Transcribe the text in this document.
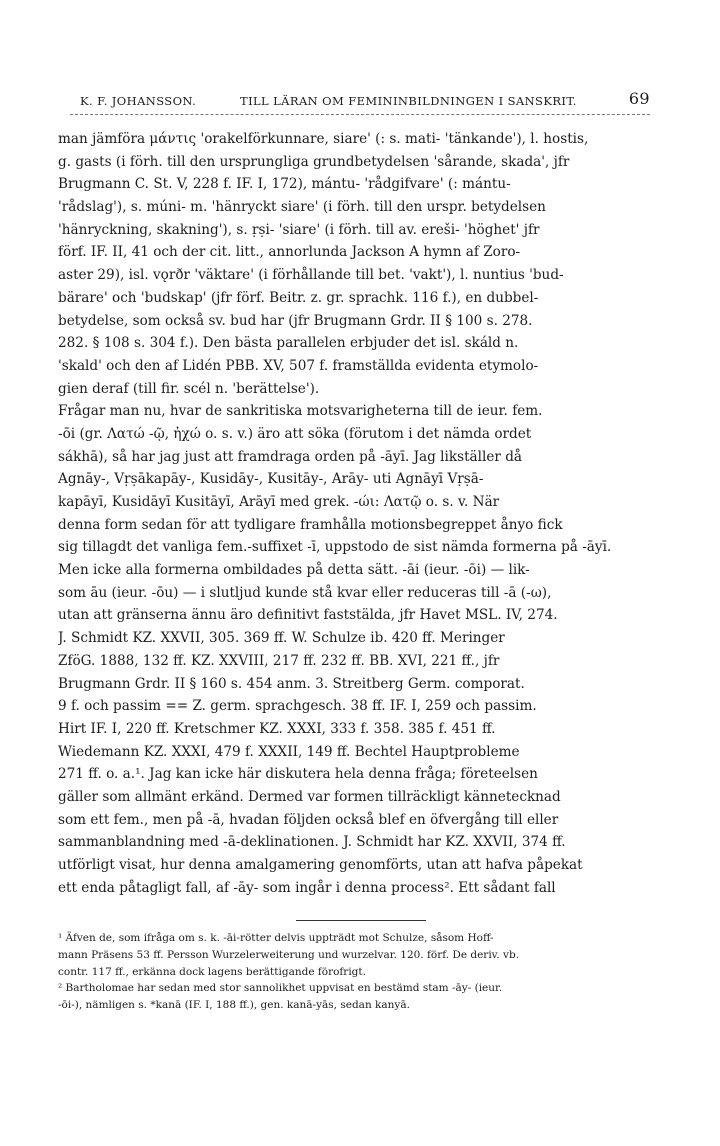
K. F. JOHANSSON.	TILL LÄRAN OM FEMININBILDNINGEN I SANSKRIT.	69
man jämföra μάντις 'orakelförkunnare, siare' (: s. mati- 'tänkande'), l. hostis,
g. gasts (i förh. till den ursprungliga grundbetydelsen 'sårande, skada', jfr
Brugmann C. St. V, 228 f. IF. I, 172), mántu- 'rådgifvare' (: mántu-
'rådslag'), s. múni- m. 'hänryckt siare' (i förh. till den urspr. betydelsen
'hänryckning, skakning'), s. ṛṣi- 'siare' (i förh. till av. ereši- 'höghet' jfr
förf. IF. II, 41 och der cit. litt., annorlunda Jackson A hymn af Zoro-
aster 29), isl. vǫrðr 'väktare' (i förhållande till bet. 'vakt'), l. nuntius 'bud-
bärare' och 'budskap' (jfr förf. Beitr. z. gr. sprachk. 116 f.), en dubbel-
betydelse, som också sv. bud har (jfr Brugmann Grdr. II § 100 s. 278.
282. § 108 s. 304 f.). Den bästa parallelen erbjuder det isl. skáld n.
'skald' och den af Lidén PBB. XV, 507 f. framställda evidenta etymolo-
gien deraf (till fir. scél n. 'berättelse').
Frågar man nu, hvar de sankritiska motsvarigheterna till de ieur. fem.
-ōi (gr. Λατώ -ῷ, ἠχώ o. s. v.) äro att söka (förutom i det nämda ordet
sákhā), så har jag just att framdraga orden på -āyī. Jag likställer då
Agnāy-, Vṛṣākapāy-, Kusidāy-, Kusitāy-, Arāy- uti Agnāyī Vṛṣā-
kapāyī, Kusidāyī Kusitāyī, Arāyī med grek. -ώι: Λατῷ o. s. v. När
denna form sedan för att tydligare framhålla motionsbegreppet ånyo fick
sig tillagdt det vanliga fem.-suffixet -ī, uppstodo de sist nämda formerna på -āyī.
Men icke alla formerna ombildades på detta sätt. -āi (ieur. -ōi) — lik-
som āu (ieur. -ōu) — i slutljud kunde stå kvar eller reduceras till -ā (-ω),
utan att gränserna ännu äro definitivt faststälda, jfr Havet MSL. IV, 274.
J. Schmidt KZ. XXVII, 305. 369 ff. W. Schulze ib. 420 ff. Meringer
ZföG. 1888, 132 ff. KZ. XXVIII, 217 ff. 232 ff. BB. XVI, 221 ff., jfr
Brugmann Grdr. II § 160 s. 454 anm. 3. Streitberg Germ. comporat.
9 f. och passim == Z. germ. sprachgesch. 38 ff. IF. I, 259 och passim.
Hirt IF. I, 220 ff. Kretschmer KZ. XXXI, 333 f. 358. 385 f. 451 ff.
Wiedemann KZ. XXXI, 479 f. XXXII, 149 ff. Bechtel Hauptprobleme
271 ff. o. a.¹. Jag kan icke här diskutera hela denna fråga; företeelsen
gäller som allmänt erkänd. Dermed var formen tillräckligt kännetecknad
som ett fem., men på -ā, hvadan följden också blef en öfvergång till eller
sammanblandning med -ā-deklinationen. J. Schmidt har KZ. XXVII, 374 ff.
utförligt visat, hur denna amalgamering genomförts, utan att hafva påpekat
ett enda påtagligt fall, af -āy- som ingår i denna process². Ett sådant fall
¹ Äfven de, som ifråga om s. k. -āi-rötter delvis uppträdt mot Schulze, såsom Hoff-
mann Präsens 53 ff. Persson Wurzelerweiterung und wurzelvar. 120. förf. De deriv. vb.
contr. 117 ff., erkänna dock lagens berättigande förofrigt.
² Bartholomae har sedan med stor sannolikhet uppvisat en bestämd stam -āy- (ieur.
-ōi-), nämligen s. *kanā (IF. I, 188 ff.), gen. kanā-yās, sedan kanyā.
